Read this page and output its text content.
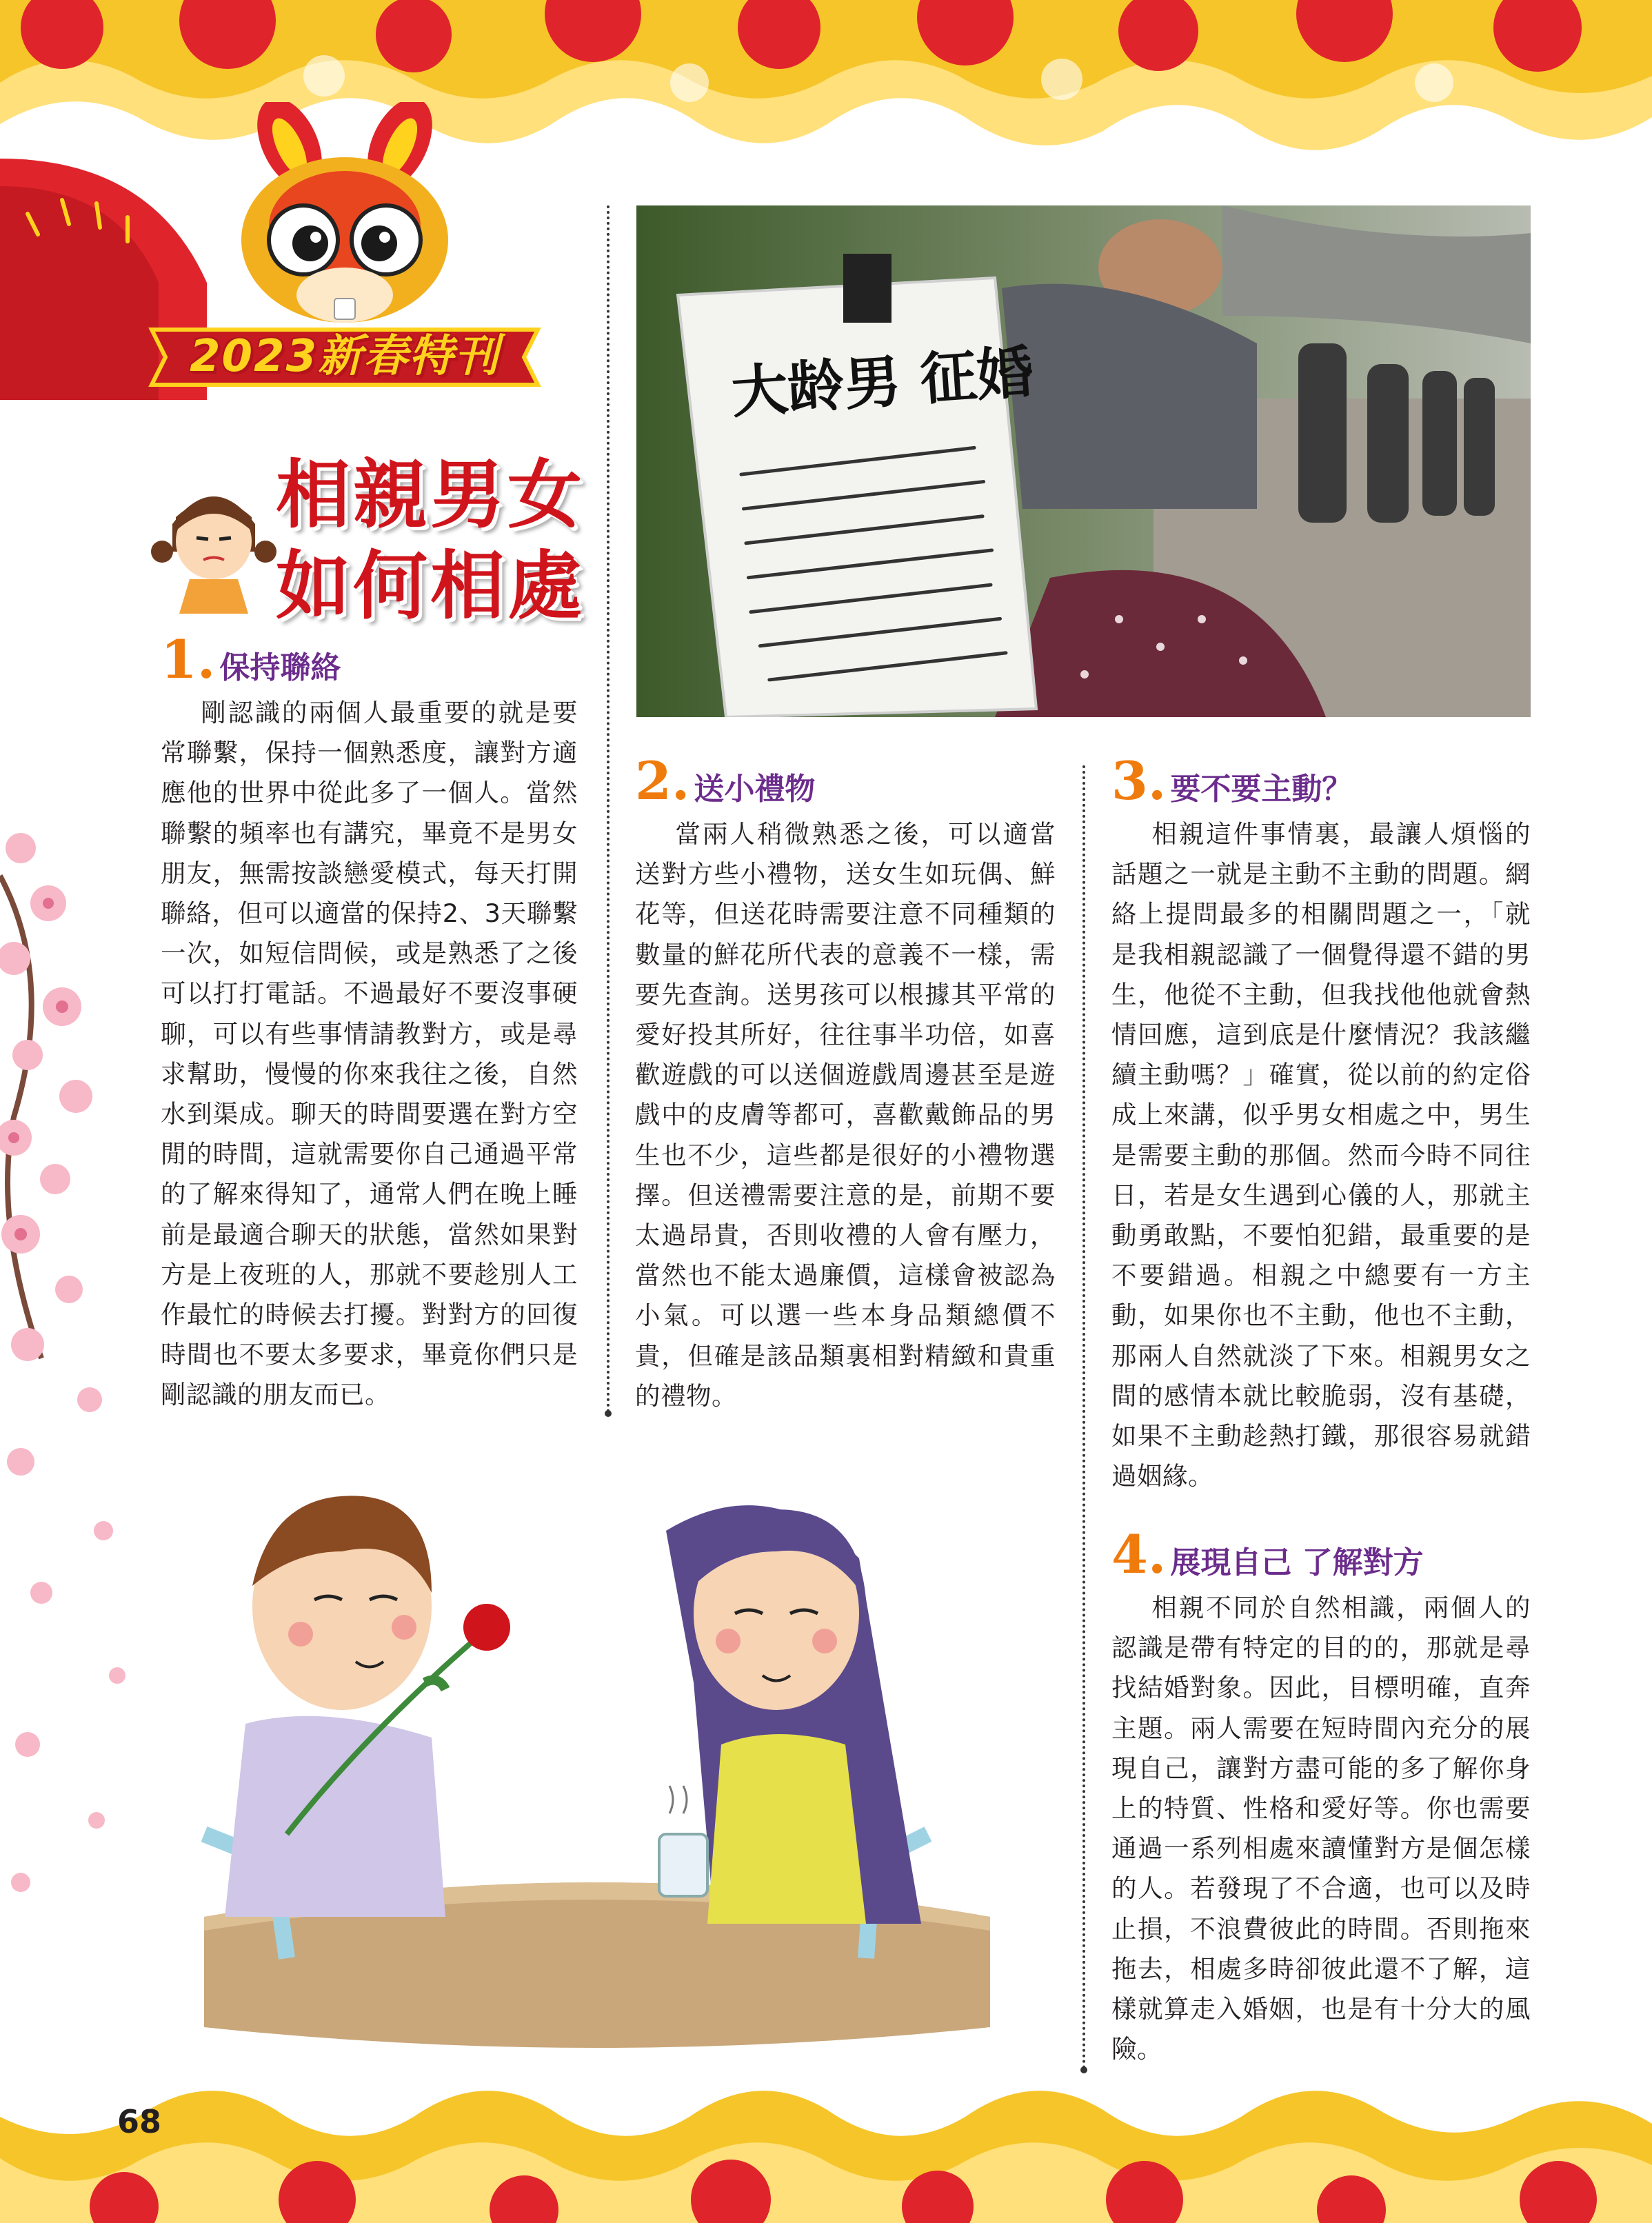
2023新春特刊
相親男女
如何相處
1. 保持聯絡

剛認識的兩個人最重要的就是要常聯繫，保持一個熟悉度，讓對方適應他的世界中從此多了一個人。當然聯繫的頻率也有講究，畢竟不是男女朋友，無需按談戀愛模式，每天打開聯絡，但可以適當的保持2、3天聯繫一次，如短信問候，或是熟悉了之後可以打打電話。不過最好不要沒事硬聊，可以有些事情請教對方，或是尋求幫助，慢慢的你來我往之後，自然水到渠成。聊天的時間要選在對方空閒的時間，這就需要你自己通過平常的了解來得知了，通常人們在晚上睡前是最適合聊天的狀態，當然如果對方是上夜班的人，那就不要趁別人工作最忙的時候去打擾。對對方的回復時間也不要太多要求，畢竟你們只是剛認識的朋友而已。

大龄男 征婚
2. 送小禮物

當兩人稍微熟悉之後，可以適當送對方些小禮物，送女生如玩偶、鮮花等，但送花時需要注意不同種類的數量的鮮花所代表的意義不一樣，需要先查詢。送男孩可以根據其平常的愛好投其所好，往往事半功倍，如喜歡遊戲的可以送個遊戲周邊甚至是遊戲中的皮膚等都可，喜歡戴飾品的男生也不少，這些都是很好的小禮物選擇。但送禮需要注意的是，前期不要太過昂貴，否則收禮的人會有壓力，當然也不能太過廉價，這樣會被認為小氣。可以選一些本身品類總價不貴，但確是該品類裏相對精緻和貴重的禮物。

3. 要不要主動？

相親這件事情裏，最讓人煩惱的話題之一就是主動不主動的問題。網絡上提問最多的相關問題之一，「就是我相親認識了一個覺得還不錯的男生，他從不主動，但我找他他就會熱情回應，這到底是什麼情況？我該繼續主動嗎？」確實，從以前的約定俗成上來講，似乎男女相處之中，男生是需要主動的那個。然而今時不同往日，若是女生遇到心儀的人，那就主動勇敢點，不要怕犯錯，最重要的是不要錯過。相親之中總要有一方主動，如果你也不主動，他也不主動，那兩人自然就淡了下來。相親男女之間的感情本就比較脆弱，沒有基礎，如果不主動趁熱打鐵，那很容易就錯過姻緣。

4. 展現自己 了解對方

相親不同於自然相識，兩個人的認識是帶有特定的目的的，那就是尋找結婚對象。因此，目標明確，直奔主題。兩人需要在短時間內充分的展現自己，讓對方盡可能的多了解你身上的特質、性格和愛好等。你也需要通過一系列相處來讀懂對方是個怎樣的人。若發現了不合適，也可以及時止損，不浪費彼此的時間。否則拖來拖去，相處多時卻彼此還不了解，這樣就算走入婚姻，也是有十分大的風險。

68
